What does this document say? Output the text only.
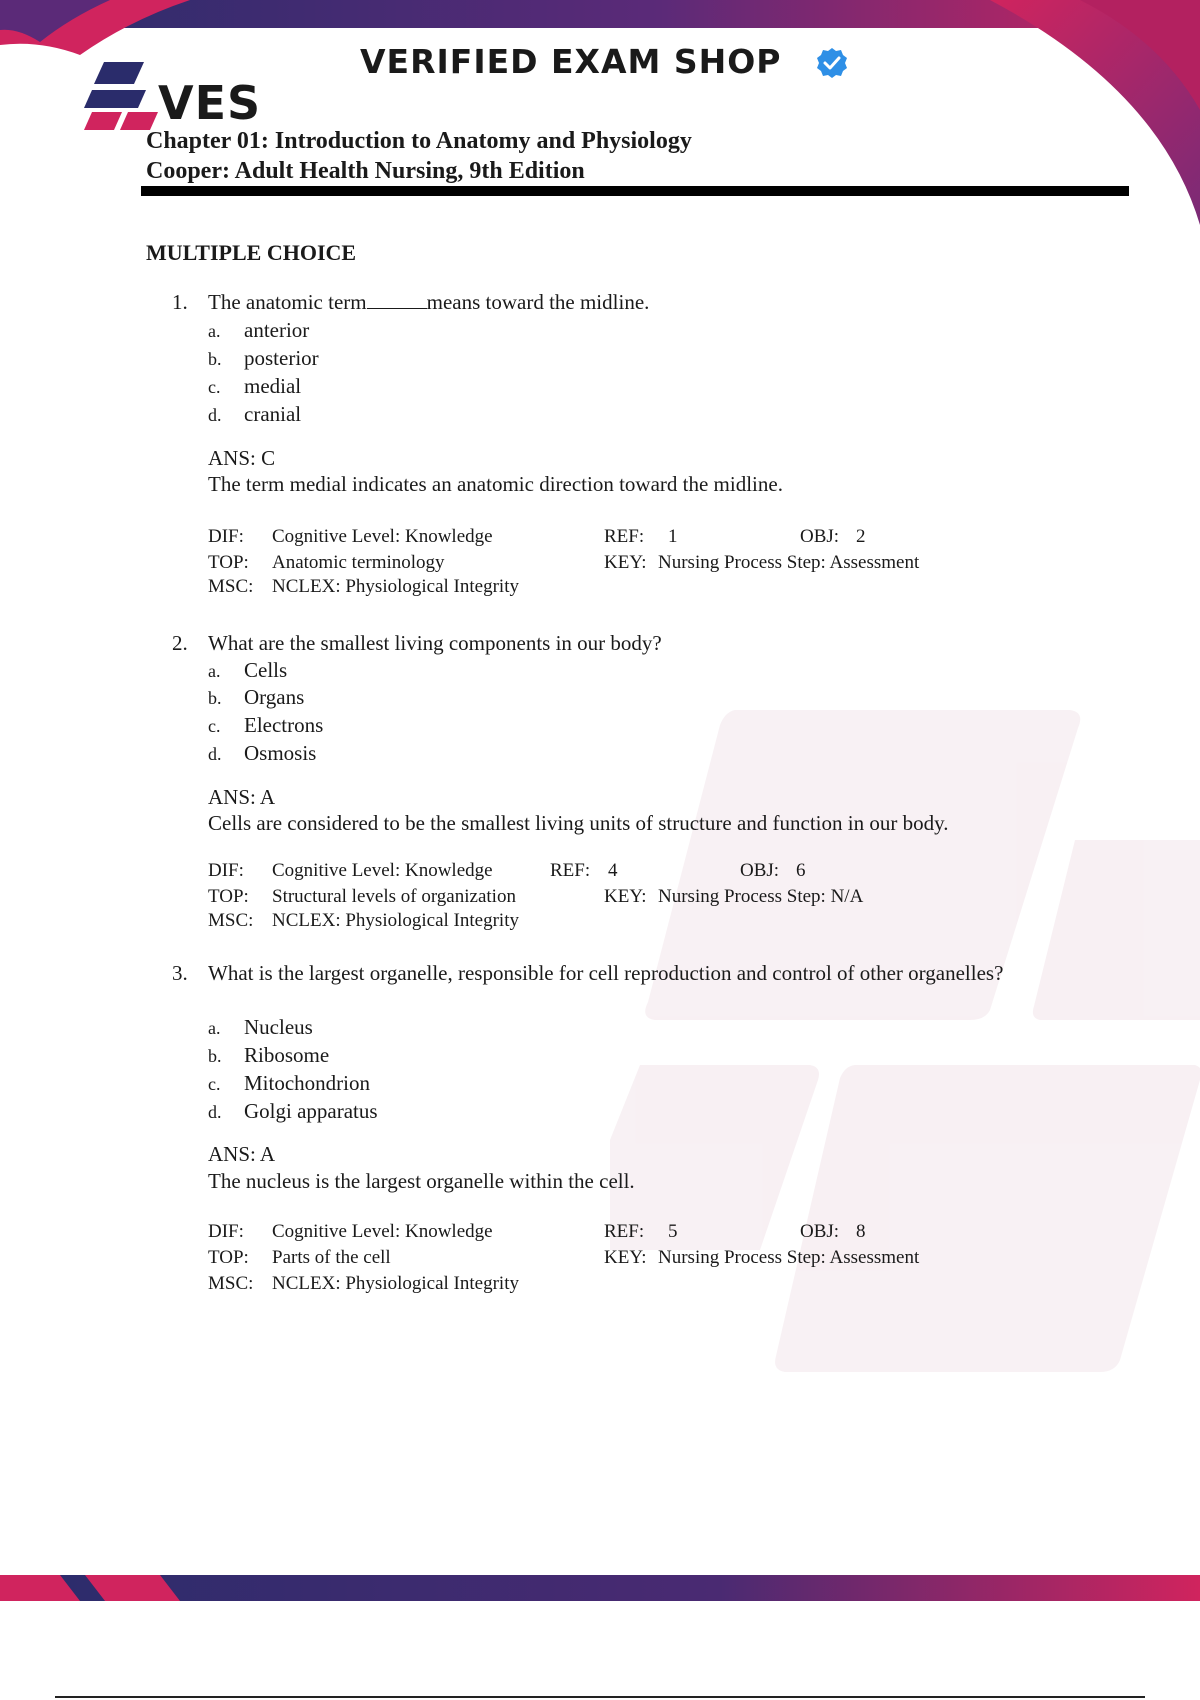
VERIFIED EXAM SHOP
VES
Chapter 01: Introduction to Anatomy and Physiology
Cooper: Adult Health Nursing, 9th Edition
MULTIPLE CHOICE
1. The anatomic term	means toward the midline.
a. anterior
b. posterior
c. medial
d. cranial
ANS: C
The term medial indicates an anatomic direction toward the midline.
DIF: Cognitive Level: Knowledge	REF: 1	OBJ: 2
TOP: Anatomic terminology	KEY: Nursing Process Step: Assessment
MSC: NCLEX: Physiological Integrity
2. What are the smallest living components in our body?
a. Cells
b. Organs
c. Electrons
d. Osmosis
ANS: A
Cells are considered to be the smallest living units of structure and function in our body.
DIF: Cognitive Level: Knowledge	REF: 4	OBJ: 6
TOP: Structural levels of organization	KEY: Nursing Process Step: N/A
MSC: NCLEX: Physiological Integrity
3. What is the largest organelle, responsible for cell reproduction and control of other organelles?
a. Nucleus
b. Ribosome
c. Mitochondrion
d. Golgi apparatus
ANS: A
The nucleus is the largest organelle within the cell.
DIF: Cognitive Level: Knowledge	REF: 5	OBJ: 8
TOP: Parts of the cell	KEY: Nursing Process Step: Assessment
MSC: NCLEX: Physiological Integrity
